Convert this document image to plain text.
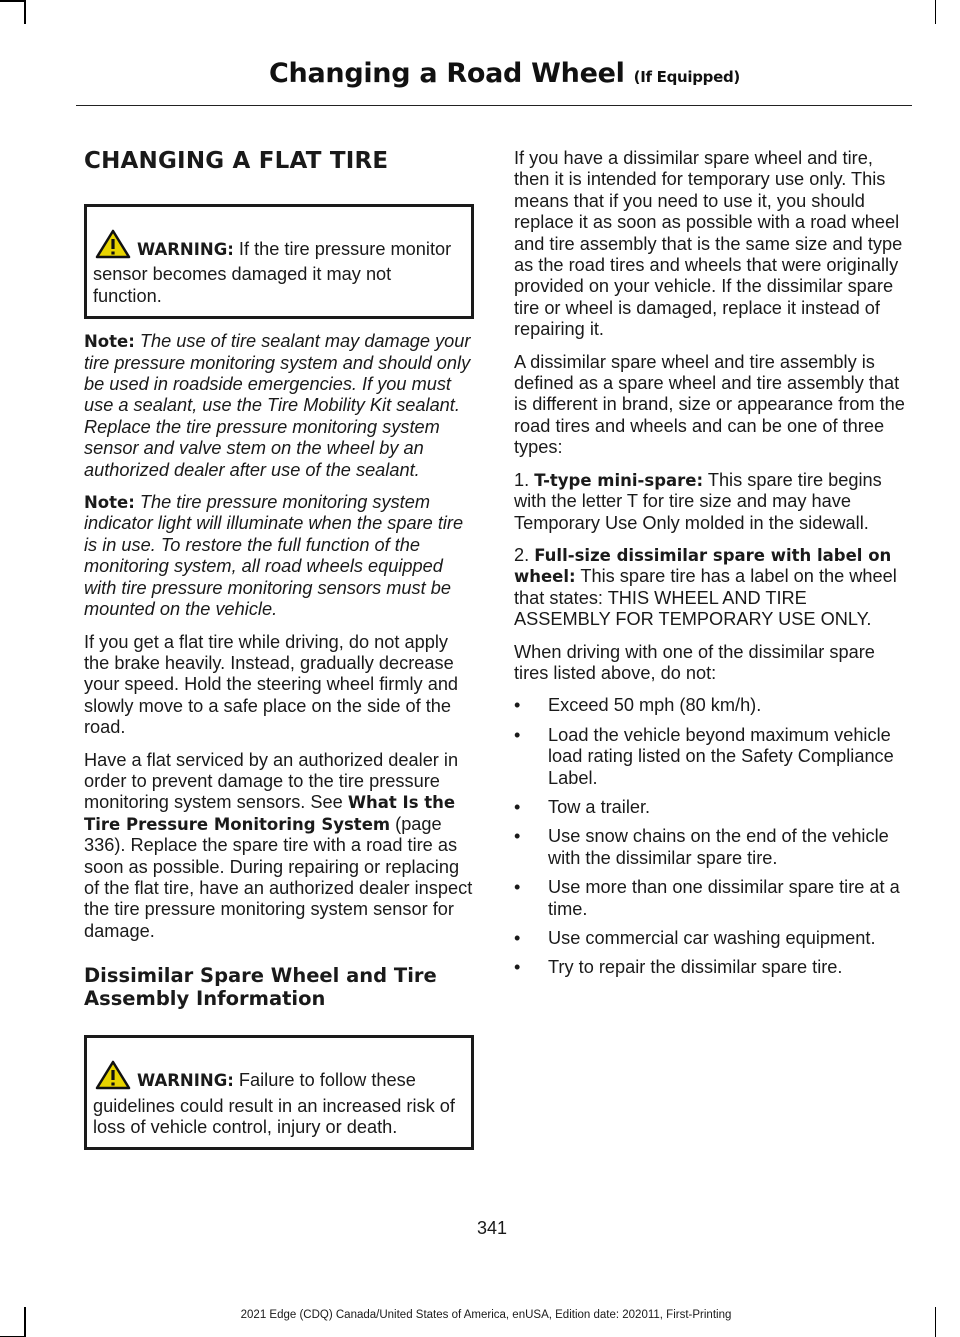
Changing a Road Wheel (If Equipped)
CHANGING A FLAT TIRE
WARNING: If the tire pressure monitor sensor becomes damaged it may not function.

Note: The use of tire sealant may damage your tire pressure monitoring system and should only be used in roadside emergencies. If you must use a sealant, use the Tire Mobility Kit sealant. Replace the tire pressure monitoring system sensor and valve stem on the wheel by an authorized dealer after use of the sealant.

Note: The tire pressure monitoring system indicator light will illuminate when the spare tire is in use. To restore the full function of the monitoring system, all road wheels equipped with tire pressure monitoring sensors must be mounted on the vehicle.

If you get a flat tire while driving, do not apply the brake heavily. Instead, gradually decrease your speed. Hold the steering wheel firmly and slowly move to a safe place on the side of the road.

Have a flat serviced by an authorized dealer in order to prevent damage to the tire pressure monitoring system sensors. See What Is the Tire Pressure Monitoring System (page 336). Replace the spare tire with a road tire as soon as possible. During repairing or replacing of the flat tire, have an authorized dealer inspect the tire pressure monitoring system sensor for damage.

Dissimilar Spare Wheel and Tire Assembly Information
WARNING: Failure to follow these guidelines could result in an increased risk of loss of vehicle control, injury or death.

If you have a dissimilar spare wheel and tire, then it is intended for temporary use only. This means that if you need to use it, you should replace it as soon as possible with a road wheel and tire assembly that is the same size and type as the road tires and wheels that were originally provided on your vehicle. If the dissimilar spare tire or wheel is damaged, replace it instead of repairing it.

A dissimilar spare wheel and tire assembly is defined as a spare wheel and tire assembly that is different in brand, size or appearance from the road tires and wheels and can be one of three types:

1. T-type mini-spare: This spare tire begins with the letter T for tire size and may have Temporary Use Only molded in the sidewall.

2. Full-size dissimilar spare with label on wheel: This spare tire has a label on the wheel that states: THIS WHEEL AND TIRE ASSEMBLY FOR TEMPORARY USE ONLY.

When driving with one of the dissimilar spare tires listed above, do not:

• Exceed 50 mph (80 km/h).
• Load the vehicle beyond maximum vehicle load rating listed on the Safety Compliance Label.
• Tow a trailer.
• Use snow chains on the end of the vehicle with the dissimilar spare tire.
• Use more than one dissimilar spare tire at a time.
• Use commercial car washing equipment.
• Try to repair the dissimilar spare tire.

341

2021 Edge (CDQ) Canada/United States of America, enUSA, Edition date: 202011, First-Printing
